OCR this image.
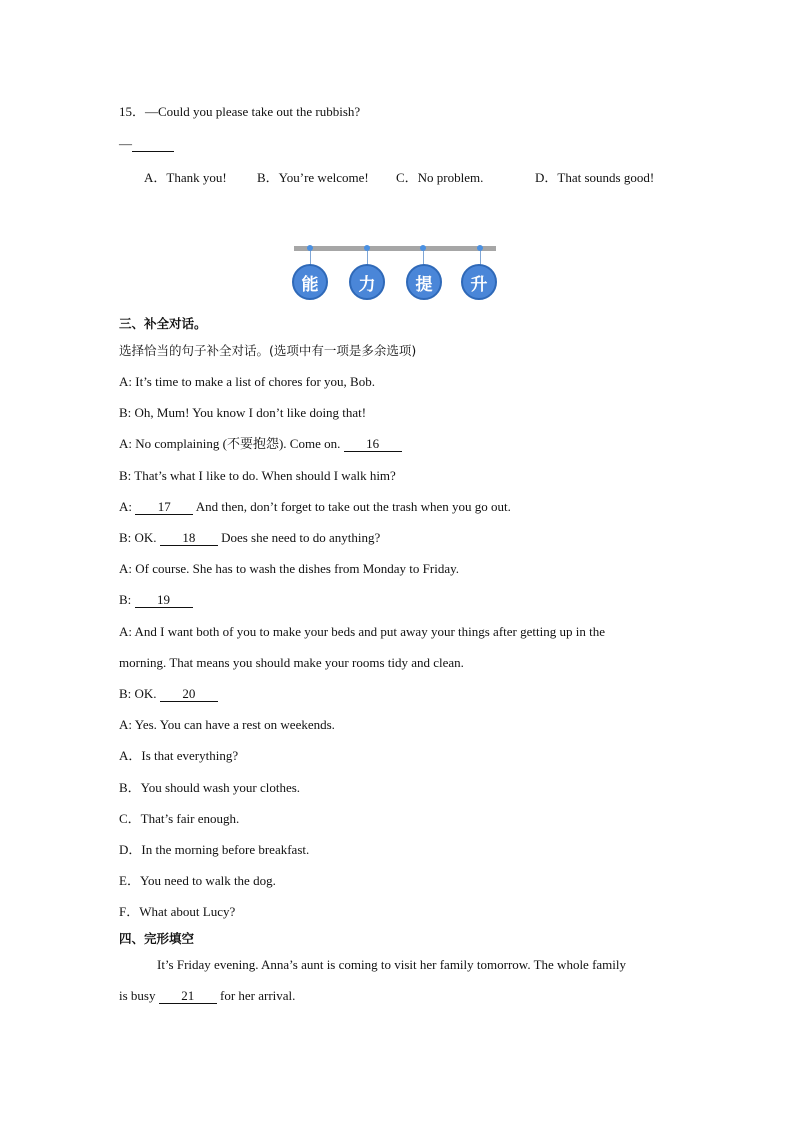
15．—Could you please take out the rubbish?
—
A．Thank you! B．You’re welcome! C．No problem.	D．That sounds good!
能	力	提	升
三、补全对话。
选择恰当的句子补全对话。(选项中有一项是多余选项)
A: It’s time to make a list of chores for you, Bob.
B: Oh, Mum! You know I don’t like doing that!
A: No complaining (不要抱怨). Come on. 16
B: That’s what I like to do. When should I walk him?
A: 17 And then, don’t forget to take out the trash when you go out.
B: OK. 18 Does she need to do anything?
A: Of course. She has to wash the dishes from Monday to Friday.
B: 19
A: And I want both of you to make your beds and put away your things after getting up in the
morning. That means you should make your rooms tidy and clean.
B: OK. 20
A: Yes. You can have a rest on weekends.
A．Is that everything?
B．You should wash your clothes.
C．That’s fair enough.
D．In the morning before breakfast.
E．You need to walk the dog.
F．What about Lucy?
四、完形填空
It’s Friday evening. Anna’s aunt is coming to visit her family tomorrow. The whole family
is busy 21 for her arrival.
